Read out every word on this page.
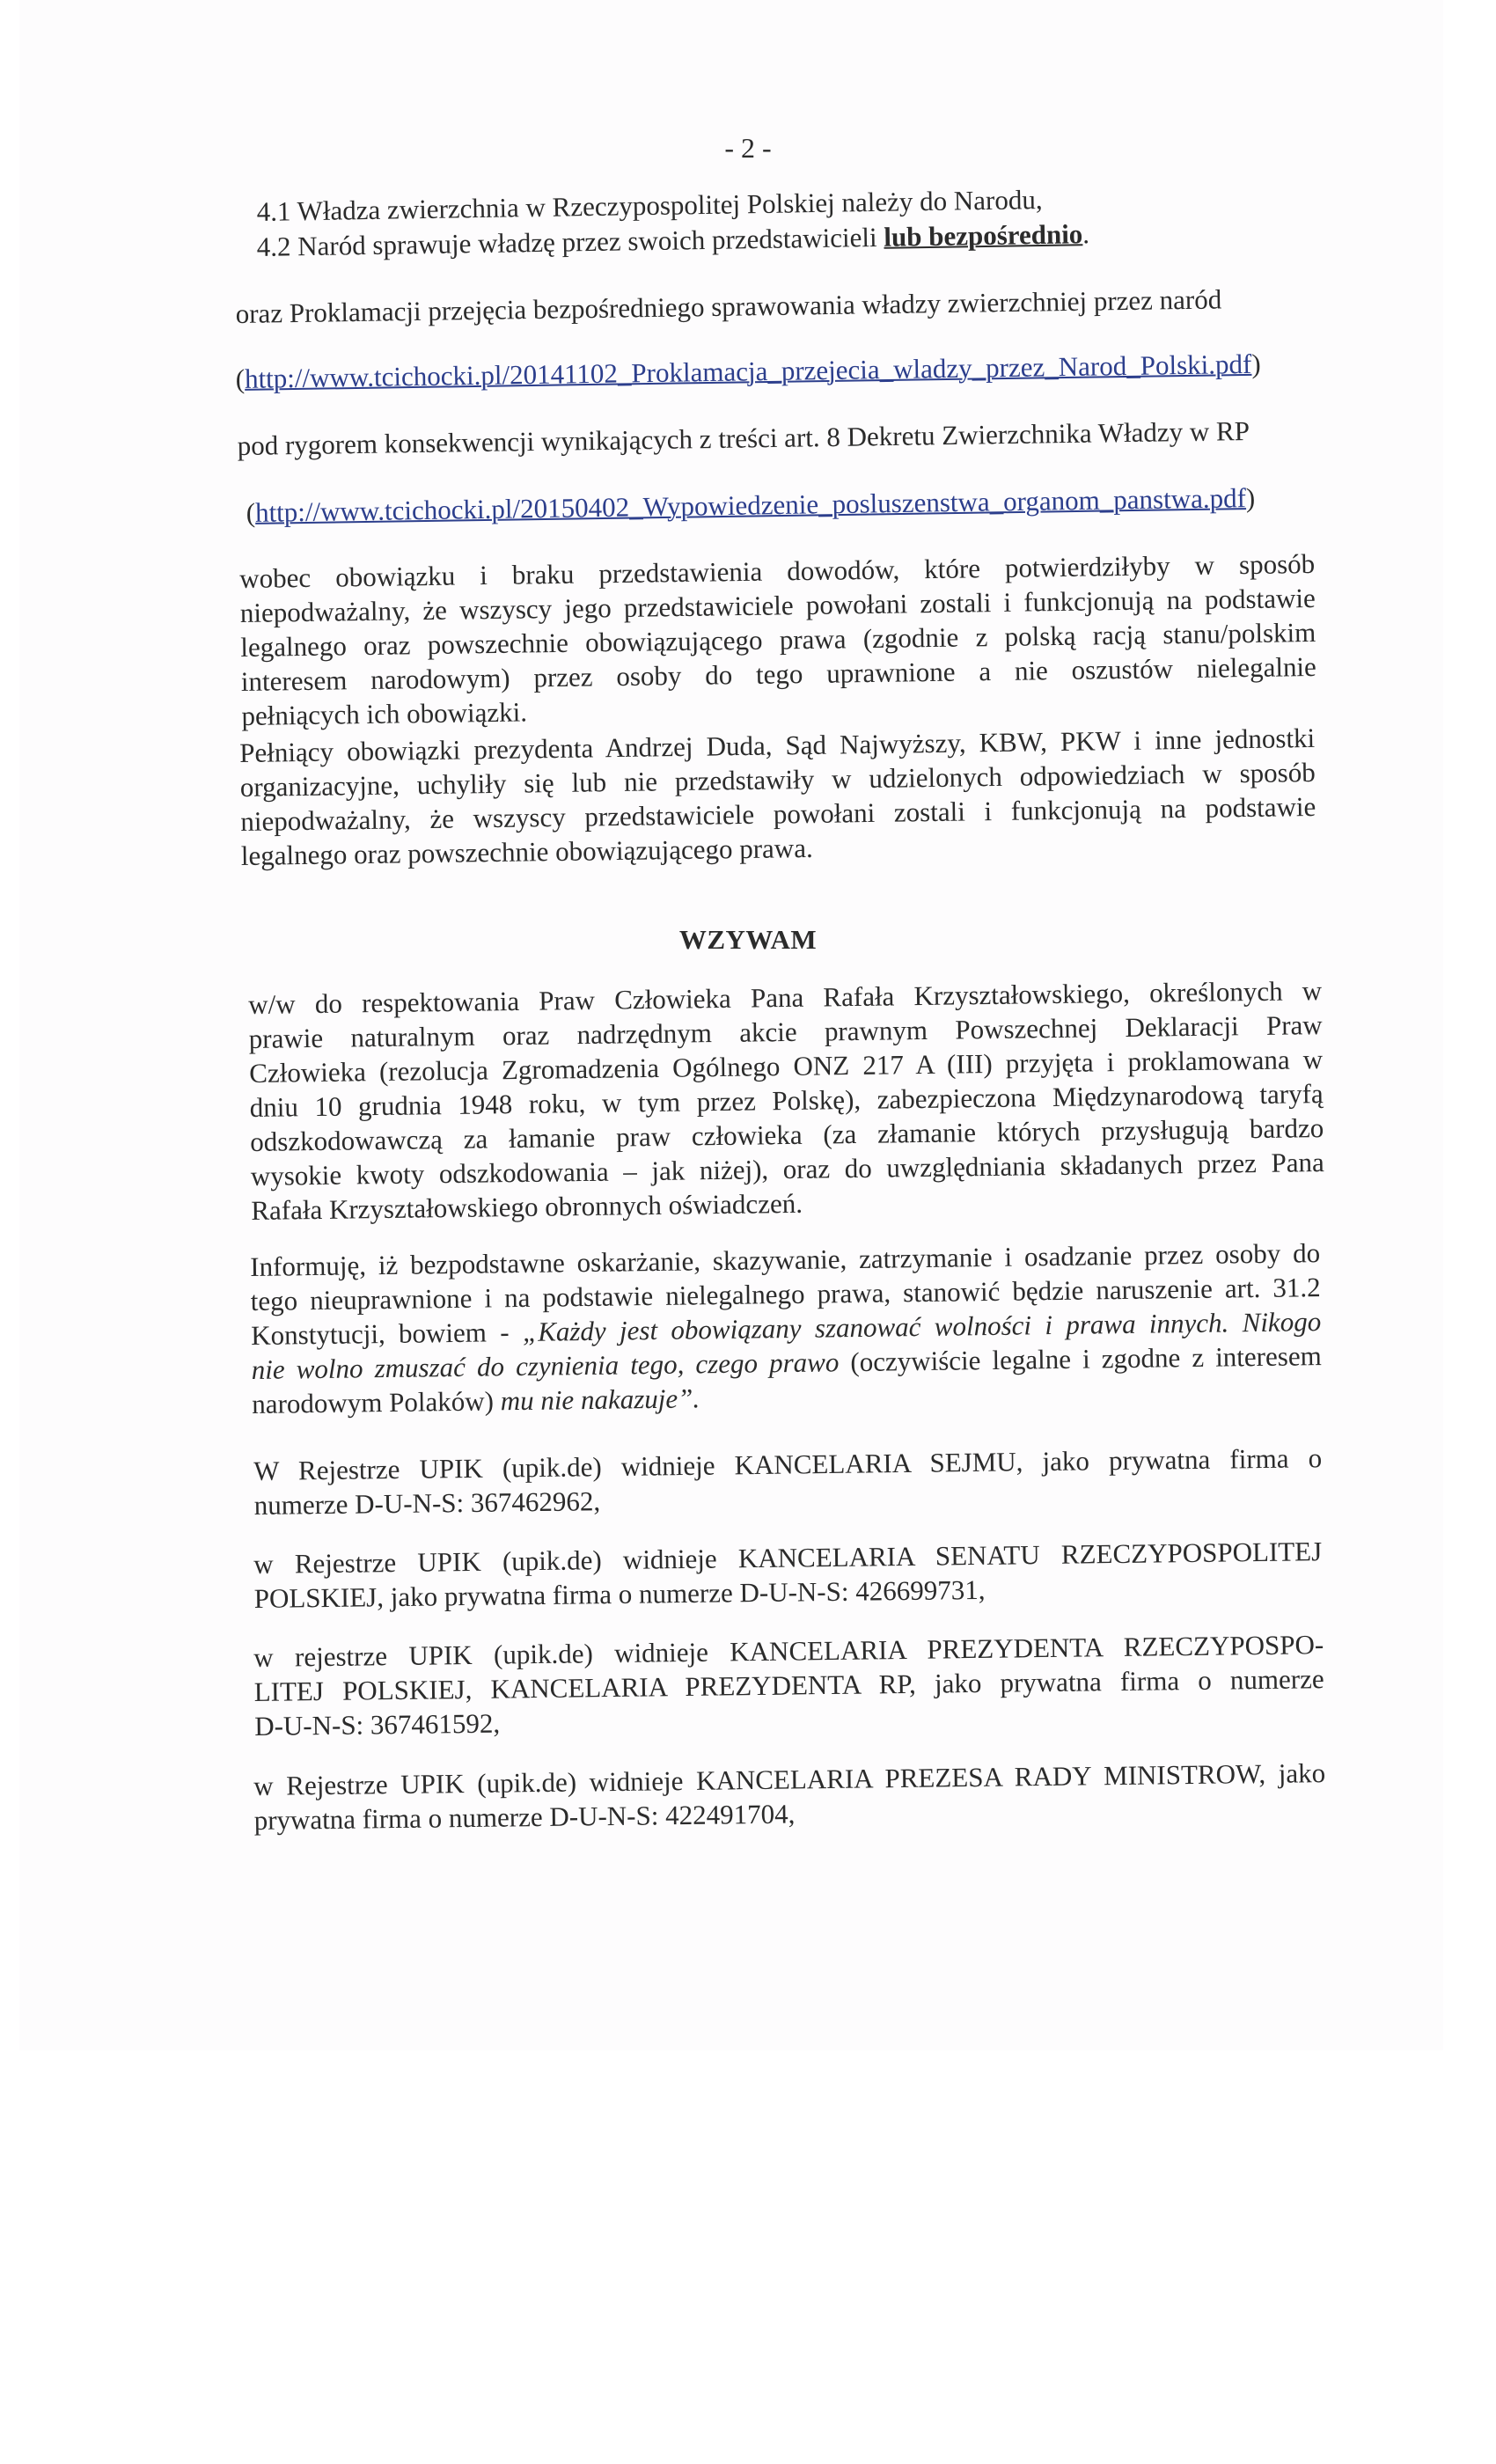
- 2 -
4.1 Władza zwierzchnia w Rzeczypospolitej Polskiej należy do Narodu,
4.2 Naród sprawuje władzę przez swoich przedstawicieli lub bezpośrednio.
oraz Proklamacji przejęcia bezpośredniego sprawowania władzy zwierzchniej przez naród
(http://www.tcichocki.pl/20141102_Proklamacja_przejecia_wladzy_przez_Narod_Polski.pdf)
pod rygorem konsekwencji wynikających z treści art. 8 Dekretu Zwierzchnika Władzy w RP
(http://www.tcichocki.pl/20150402_Wypowiedzenie_posluszenstwa_organom_panstwa.pdf)
wobec obowiązku i braku przedstawienia dowodów, które potwierdziłyby w sposób
niepodważalny, że wszyscy jego przedstawiciele powołani zostali i funkcjonują na podstawie
legalnego oraz powszechnie obowiązującego prawa (zgodnie z polską racją stanu/polskim
interesem narodowym) przez osoby do tego uprawnione a nie oszustów nielegalnie
pełniących ich obowiązki.
Pełniący obowiązki prezydenta Andrzej Duda, Sąd Najwyższy, KBW, PKW i inne jednostki
organizacyjne, uchyliły się lub nie przedstawiły w udzielonych odpowiedziach w sposób
niepodważalny, że wszyscy przedstawiciele powołani zostali i funkcjonują na podstawie
legalnego oraz powszechnie obowiązującego prawa.
WZYWAM
w/w do respektowania Praw Człowieka Pana Rafała Krzyształowskiego, określonych w
prawie naturalnym oraz nadrzędnym akcie prawnym Powszechnej Deklaracji Praw
Człowieka (rezolucja Zgromadzenia Ogólnego ONZ 217 A (III) przyjęta i proklamowana w
dniu 10 grudnia 1948 roku, w tym przez Polskę), zabezpieczona Międzynarodową taryfą
odszkodowawczą za łamanie praw człowieka (za złamanie których przysługują bardzo
wysokie kwoty odszkodowania – jak niżej), oraz do uwzględniania składanych przez Pana
Rafała Krzyształowskiego obronnych oświadczeń.
Informuję, iż bezpodstawne oskarżanie, skazywanie, zatrzymanie i osadzanie przez osoby do
tego nieuprawnione i na podstawie nielegalnego prawa, stanowić będzie naruszenie art. 31.2
Konstytucji, bowiem - „Każdy jest obowiązany szanować wolności i prawa innych. Nikogo
nie wolno zmuszać do czynienia tego, czego prawo (oczywiście legalne i zgodne z interesem
narodowym Polaków) mu nie nakazuje”.
W Rejestrze UPIK (upik.de) widnieje KANCELARIA SEJMU, jako prywatna firma o
numerze D-U-N-S: 367462962,
w Rejestrze UPIK (upik.de) widnieje KANCELARIA SENATU RZECZYPOSPOLITEJ
POLSKIEJ, jako prywatna firma o numerze D-U-N-S: 426699731,
w rejestrze UPIK (upik.de) widnieje KANCELARIA PREZYDENTA RZECZYPOSPO-
LITEJ POLSKIEJ, KANCELARIA PREZYDENTA RP, jako prywatna firma o numerze
D-U-N-S: 367461592,
w Rejestrze UPIK (upik.de) widnieje KANCELARIA PREZESA RADY MINISTROW, jako
prywatna firma o numerze D-U-N-S: 422491704,
